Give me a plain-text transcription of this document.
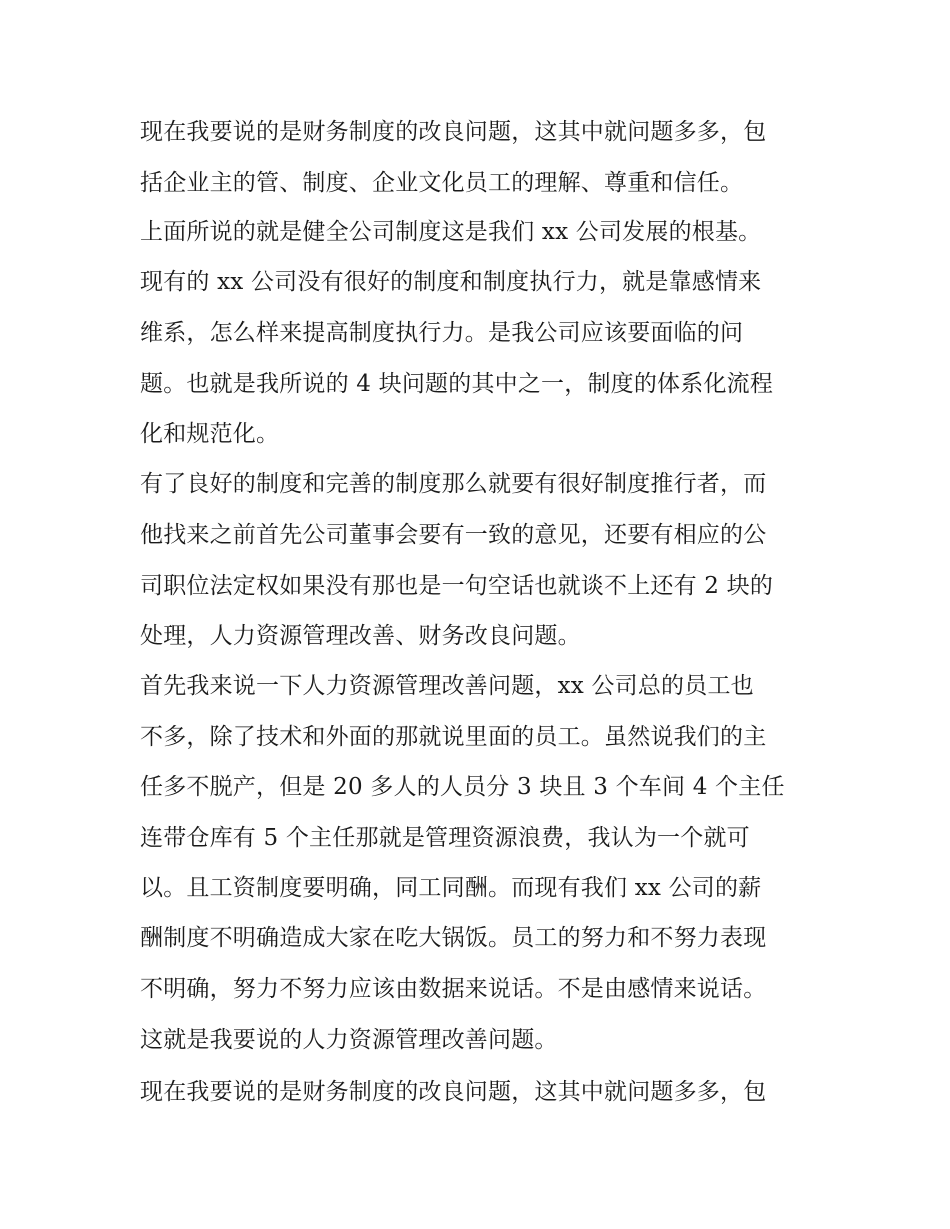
现在我要说的是财务制度的改良问题，这其中就问题多多，包
括企业主的管、制度、企业文化员工的理解、尊重和信任。
上面所说的就是健全公司制度这是我们 xx 公司发展的根基。
现有的 xx 公司没有很好的制度和制度执行力，就是靠感情来
维系，怎么样来提高制度执行力。是我公司应该要面临的问
题。也就是我所说的 4 块问题的其中之一，制度的体系化流程
化和规范化。
有了良好的制度和完善的制度那么就要有很好制度推行者，而
他找来之前首先公司董事会要有一致的意见，还要有相应的公
司职位法定权如果没有那也是一句空话也就谈不上还有 2 块的
处理，人力资源管理改善、财务改良问题。
首先我来说一下人力资源管理改善问题，xx 公司总的员工也
不多，除了技术和外面的那就说里面的员工。虽然说我们的主
任多不脱产，但是 20 多人的人员分 3 块且 3 个车间 4 个主任
连带仓库有 5 个主任那就是管理资源浪费，我认为一个就可
以。且工资制度要明确，同工同酬。而现有我们 xx 公司的薪
酬制度不明确造成大家在吃大锅饭。员工的努力和不努力表现
不明确，努力不努力应该由数据来说话。不是由感情来说话。
这就是我要说的人力资源管理改善问题。
现在我要说的是财务制度的改良问题，这其中就问题多多，包
